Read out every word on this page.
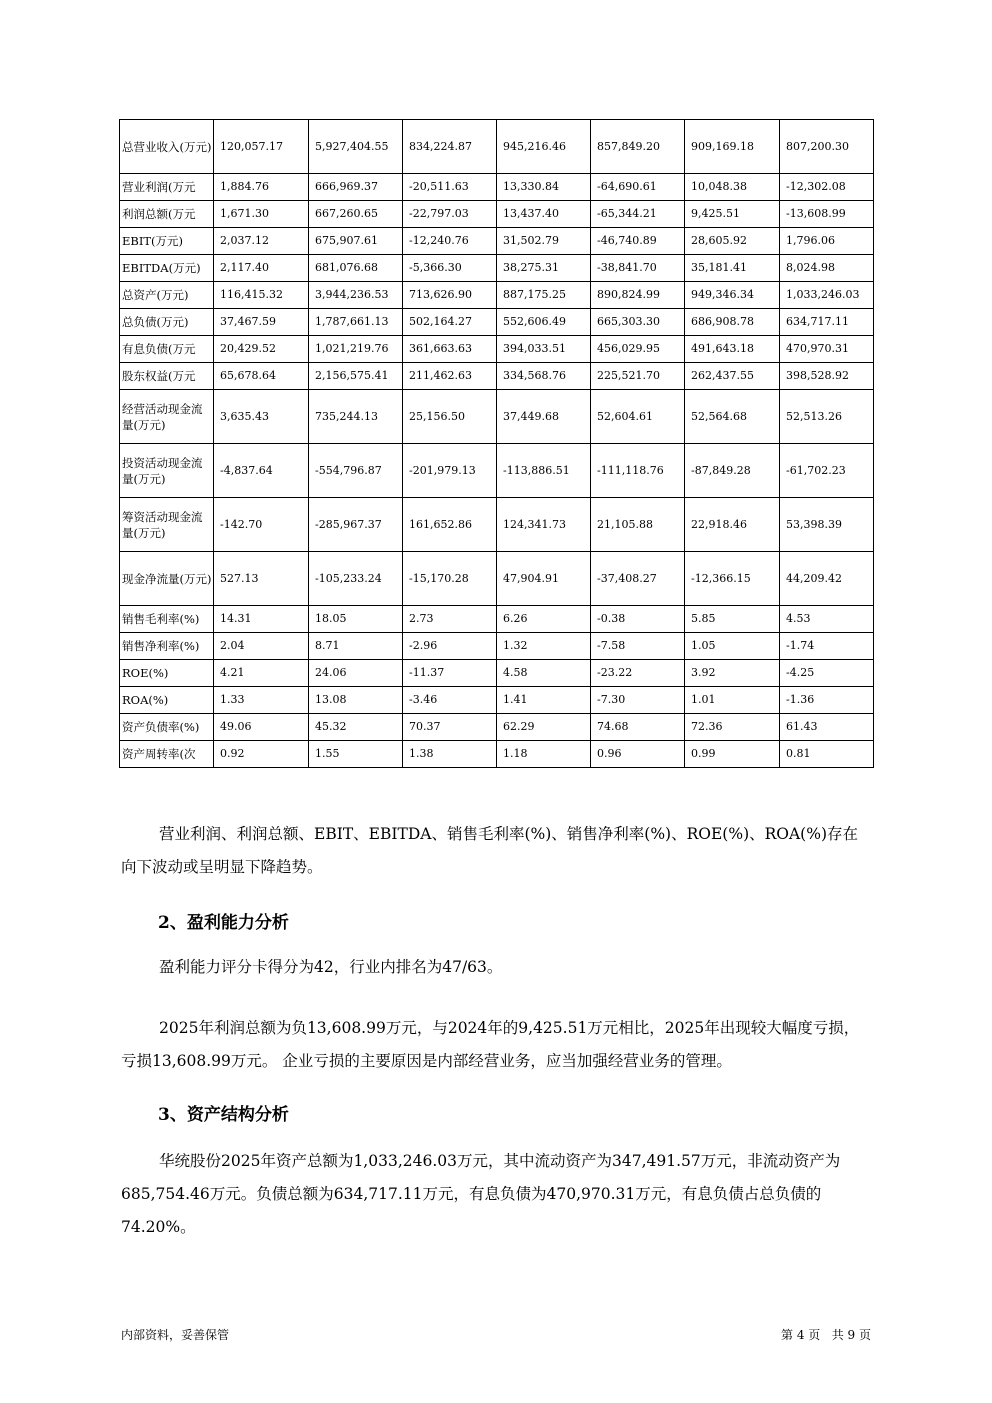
总营业收入(万元)	120,057.17	5,927,404.55	834,224.87	945,216.46	857,849.20	909,169.18	807,200.30	
营业利润(万元	1,884.76	666,969.37	-20,511.63	13,330.84	-64,690.61	10,048.38	-12,302.08	
利润总额(万元	1,671.30	667,260.65	-22,797.03	13,437.40	-65,344.21	9,425.51	-13,608.99	
EBIT(万元)	2,037.12	675,907.61	-12,240.76	31,502.79	-46,740.89	28,605.92	1,796.06	
EBITDA(万元)	2,117.40	681,076.68	-5,366.30	38,275.31	-38,841.70	35,181.41	8,024.98	
总资产(万元)	116,415.32	3,944,236.53	713,626.90	887,175.25	890,824.99	949,346.34	1,033,246.03	
总负债(万元)	37,467.59	1,787,661.13	502,164.27	552,606.49	665,303.30	686,908.78	634,717.11	
有息负债(万元	20,429.52	1,021,219.76	361,663.63	394,033.51	456,029.95	491,643.18	470,970.31	
股东权益(万元	65,678.64	2,156,575.41	211,462.63	334,568.76	225,521.70	262,437.55	398,528.92	
经营活动现金流量(万元)	3,635.43	735,244.13	25,156.50	37,449.68	52,604.61	52,564.68	52,513.26	
投资活动现金流量(万元)	-4,837.64	-554,796.87	-201,979.13	-113,886.51	-111,118.76	-87,849.28	-61,702.23	
筹资活动现金流量(万元)	-142.70	-285,967.37	161,652.86	124,341.73	21,105.88	22,918.46	53,398.39	
现金净流量(万元)	527.13	-105,233.24	-15,170.28	47,904.91	-37,408.27	-12,366.15	44,209.42	
销售毛利率(%)	14.31	18.05	2.73	6.26	-0.38	5.85	4.53	
销售净利率(%)	2.04	8.71	-2.96	1.32	-7.58	1.05	-1.74	
ROE(%)	4.21	24.06	-11.37	4.58	-23.22	3.92	-4.25	
ROA(%)	1.33	13.08	-3.46	1.41	-7.30	1.01	-1.36	
资产负债率(%)	49.06	45.32	70.37	62.29	74.68	72.36	61.43	
资产周转率(次	0.92	1.55	1.38	1.18	0.96	0.99	0.81	

营业利润、利润总额、EBIT、EBITDA、销售毛利率(%)、销售净利率(%)、ROE(%)、ROA(%)存在向下波动或呈明显下降趋势。

2、盈利能力分析

盈利能力评分卡得分为42，行业内排名为47/63。

2025年利润总额为负13,608.99万元，与2024年的9,425.51万元相比，2025年出现较大幅度亏损，亏损13,608.99万元。 企业亏损的主要原因是内部经营业务，应当加强经营业务的管理。

3、资产结构分析

华统股份2025年资产总额为1,033,246.03万元，其中流动资产为347,491.57万元，非流动资产为685,754.46万元。负债总额为634,717.11万元，有息负债为470,970.31万元，有息负债占总负债的74.20%。

内部资料，妥善保管	第 4 页   共 9 页
